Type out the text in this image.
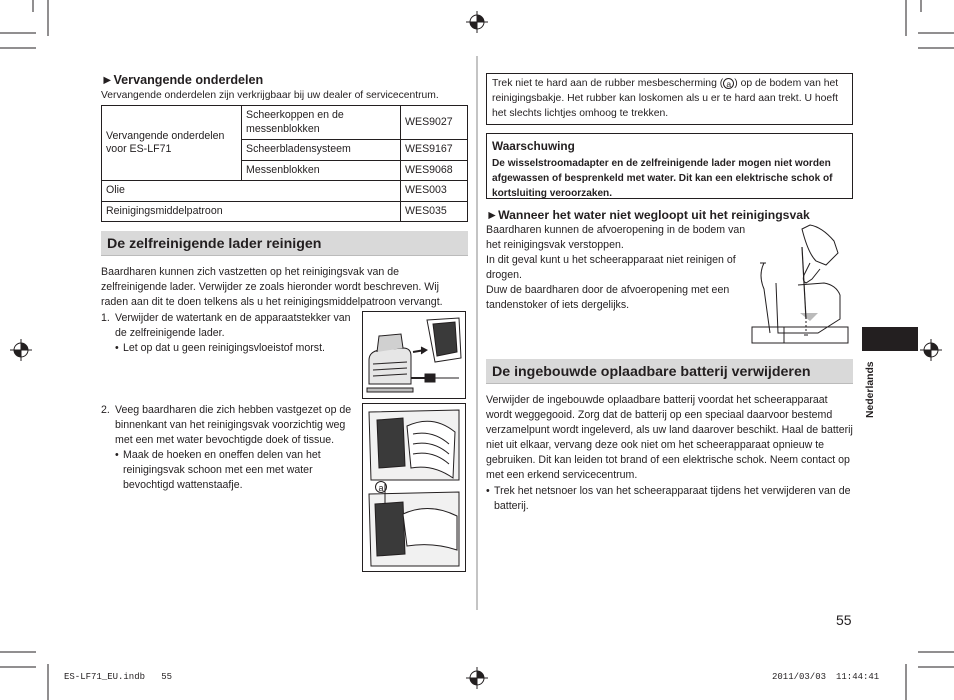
►Vervangende onderdelen
Vervangende onderdelen zijn verkrijgbaar bij uw dealer of servicecentrum.
Vervangende onderdelen voor ES-LF71	Scheerkoppen en de messenblokken	WES9027
	Scheerbladensysteem	WES9167
	Messenblokken	WES9068
Olie		WES003
Reinigingsmiddelpatroon		WES035
De zelfreinigende lader reinigen

Baardharen kunnen zich vastzetten op het reinigingsvak van de zelfreinigende lader. Verwijder ze zoals hieronder wordt beschreven. Wij raden aan dit te doen telkens als u het reinigingsmiddelpatroon vervangt.

1. Verwijder de watertank en de apparaatstekker van de zelfreinigende lader.
• Let op dat u geen reinigingsvloeistof morst.
2. Veeg baardharen die zich hebben vastgezet op de binnenkant van het reinigingsvak voorzichtig weg met een met water bevochtigde doek of tissue.
• Maak de hoeken en oneffen delen van het reinigingsvak schoon met een met water bevochtigd wattenstaafje.	a
Trek niet te hard aan de rubber mesbescherming ( a ) op de bodem van het reinigingsbakje. Het rubber kan loskomen als u er te hard aan trekt. U hoeft het slechts lichtjes omhoog te trekken.
Waarschuwing
De wisselstroomadapter en de zelfreinigende lader mogen niet worden afgewassen of besprenkeld met water. Dit kan een elektrische schok of kortsluiting veroorzaken.
►Wanneer het water niet wegloopt uit het reinigingsvak

Baardharen kunnen de afvoeropening in de bodem van het reinigingsvak verstoppen.

In dit geval kunt u het scheerapparaat niet reinigen of drogen.

Duw de baardharen door de afvoeropening met een tandenstoker of iets dergelijks.

De ingebouwde oplaadbare batterij verwijderen

Verwijder de ingebouwde oplaadbare batterij voordat het scheerapparaat wordt weggegooid. Zorg dat de batterij op een speciaal daarvoor bestemd verzamelpunt wordt ingeleverd, als uw land daarover beschikt. Haal de batterij niet uit elkaar, vervang deze ook niet om het scheerapparaat opnieuw te gebruiken. Dit kan leiden tot brand of een elektrische schok. Neem contact op met een erkend servicecentrum.

• Trek het netsnoer los van het scheerapparaat tijdens het verwijderen van de batterij.
Nederlands
55
ES-LF71_EU.indb   55	2011/03/03 11:44:41
